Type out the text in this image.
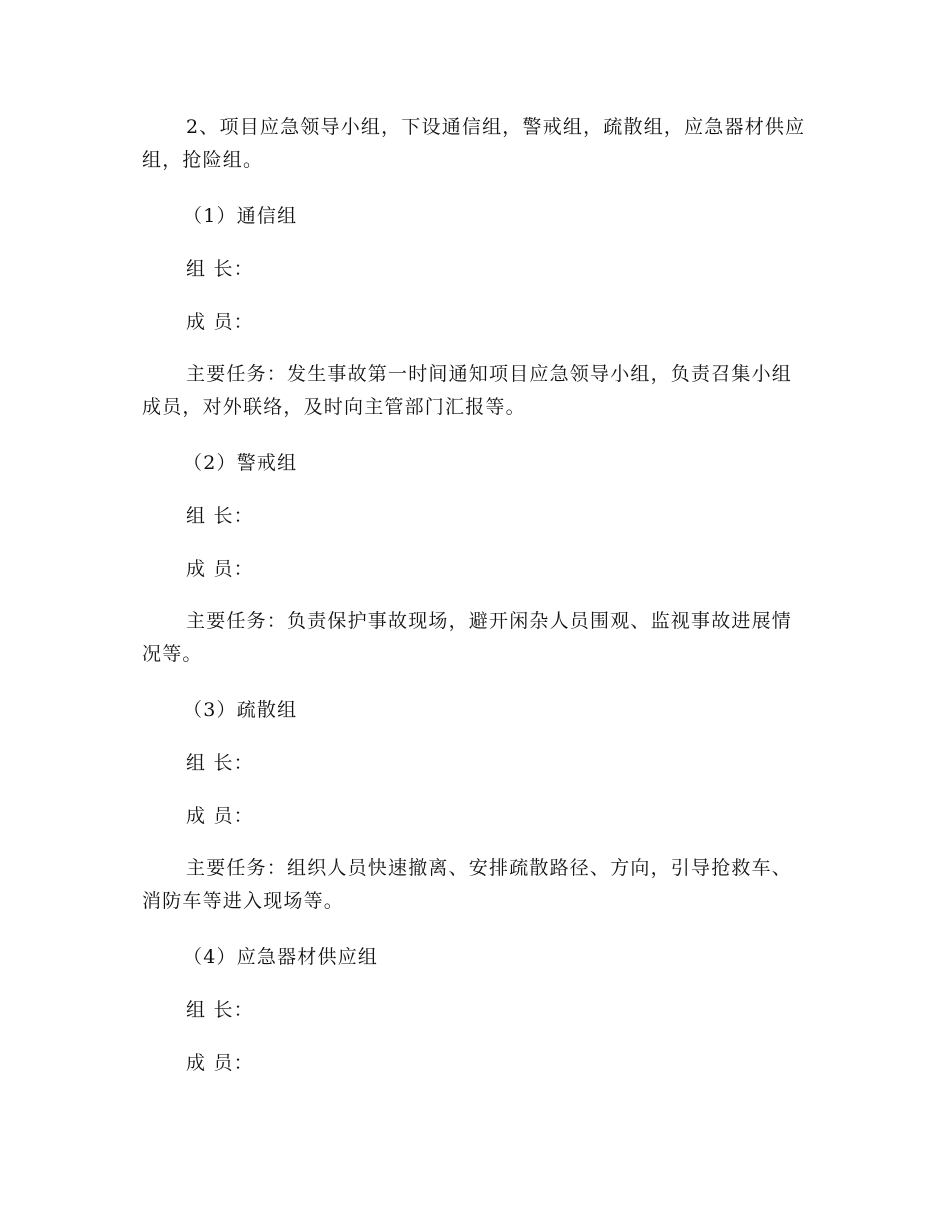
2、项目应急领导小组，下设通信组，警戒组，疏散组，应急器材供应组，抢险组。

（1）通信组

组 长：

成 员：

主要任务：发生事故第一时间通知项目应急领导小组，负责召集小组成员，对外联络，及时向主管部门汇报等。

（2）警戒组

组 长：

成 员：

主要任务：负责保护事故现场，避开闲杂人员围观、监视事故进展情况等。

（3）疏散组

组 长：

成 员：

主要任务：组织人员快速撤离、安排疏散路径、方向，引导抢救车、消防车等进入现场等。

（4）应急器材供应组

组 长：

成 员：
